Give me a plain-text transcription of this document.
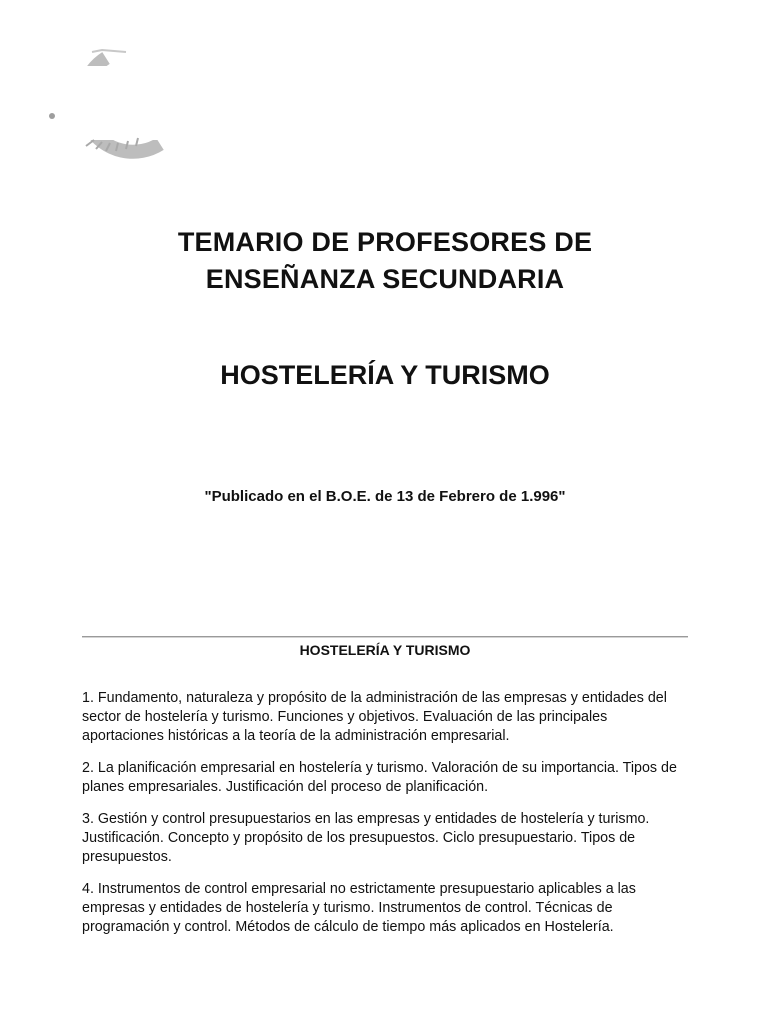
TEMARIO DE PROFESORES DE
ENSEÑANZA SECUNDARIA
HOSTELERÍA Y TURISMO

"Publicado en el B.O.E. de 13 de Febrero de 1.996"

HOSTELERÍA Y TURISMO
1. Fundamento, naturaleza y propósito de la administración de las empresas y entidades del sector de hostelería y turismo. Funciones y objetivos. Evaluación de las principales aportaciones históricas a la teoría de la administración empresarial.
2. La planificación empresarial en hostelería y turismo. Valoración de su importancia. Tipos de planes empresariales. Justificación del proceso de planificación.
3. Gestión y control presupuestarios en las empresas y entidades de hostelería y turismo. Justificación. Concepto y propósito de los presupuestos. Ciclo presupuestario. Tipos de presupuestos.
4. Instrumentos de control empresarial no estrictamente presupuestario aplicables a las empresas y entidades de hostelería y turismo. Instrumentos de control. Técnicas de programación y control. Métodos de cálculo de tiempo más aplicados en Hostelería.
